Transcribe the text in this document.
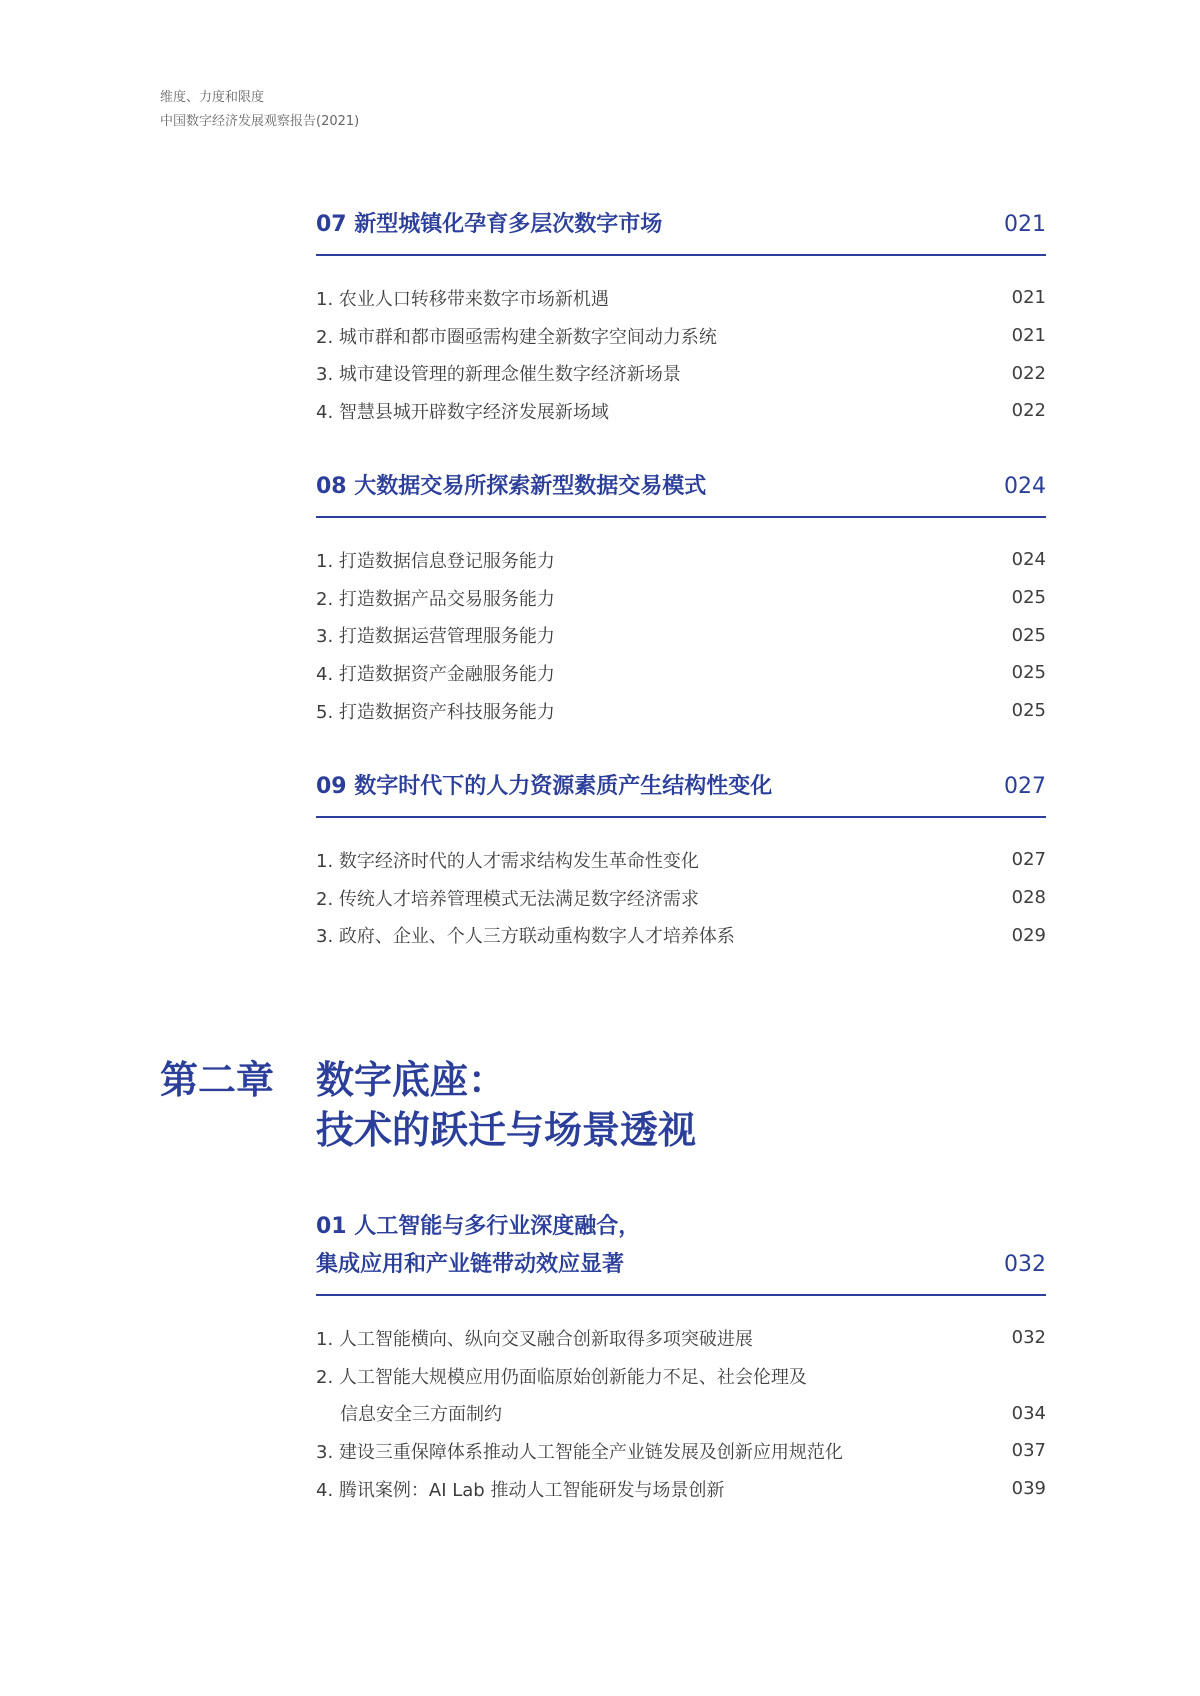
维度、力度和限度
中国数字经济发展观察报告(2021)
07 新型城镇化孕育多层次数字市场	021
1. 农业人口转移带来数字市场新机遇	021
2. 城市群和都市圈亟需构建全新数字空间动力系统	021
3. 城市建设管理的新理念催生数字经济新场景	022
4. 智慧县城开辟数字经济发展新场域	022
08 大数据交易所探索新型数据交易模式	024
1. 打造数据信息登记服务能力	024
2. 打造数据产品交易服务能力	025
3. 打造数据运营管理服务能力	025
4. 打造数据资产金融服务能力	025
5. 打造数据资产科技服务能力	025
09 数字时代下的人力资源素质产生结构性变化	027
1. 数字经济时代的人才需求结构发生革命性变化	027
2. 传统人才培养管理模式无法满足数字经济需求	028
3. 政府、企业、个人三方联动重构数字人才培养体系	029
第二章	数字底座：
技术的跃迁与场景透视
01 人工智能与多行业深度融合，
集成应用和产业链带动效应显著	032
1. 人工智能横向、纵向交叉融合创新取得多项突破进展	032
2. 人工智能大规模应用仍面临原始创新能力不足、社会伦理及
信息安全三方面制约	034
3. 建设三重保障体系推动人工智能全产业链发展及创新应用规范化	037
4. 腾讯案例：AI Lab 推动人工智能研发与场景创新	039
